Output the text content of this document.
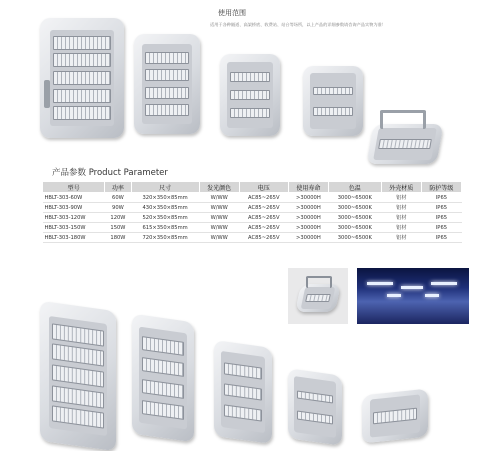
使用范围
适用于各种隧道、高架桥底、收费站、站台等场所，以上产品的详细参数请咨询产品实物为准！
产品参数 Product Parameter
型号	功率	尺寸	发光颜色	电压	使用寿命	色温	外壳材质	防护等级
HBLT-303-60W	60W	320×350×85mm	W/WW	AC85~265V	>30000H	3000~6500K	铝材	IP65
HBLT-303-90W	90W	430×350×85mm	W/WW	AC85~265V	>30000H	3000~6500K	铝材	IP65
HBLT-303-120W	120W	520×350×85mm	W/WW	AC85~265V	>30000H	3000~6500K	铝材	IP65
HBLT-303-150W	150W	615×350×85mm	W/WW	AC85~265V	>30000H	3000~6500K	铝材	IP65
HBLT-303-180W	180W	720×350×85mm	W/WW	AC85~265V	>30000H	3000~6500K	铝材	IP65
